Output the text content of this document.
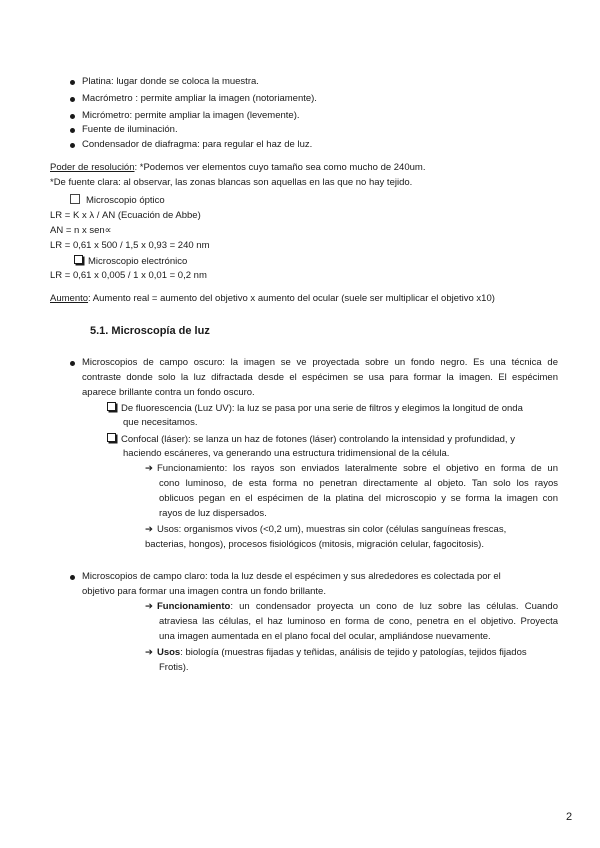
Platina: lugar donde se coloca la muestra.
Macrómetro : permite ampliar la imagen (notoriamente).
Micrómetro: permite ampliar la imagen (levemente).
Fuente de iluminación.
Condensador de diafragma: para regular el haz de luz.
Poder de resolución: *Podemos ver elementos cuyo tamaño sea como mucho de 240um.
*De fuente clara: al observar, las zonas blancas son aquellas en las que no hay tejido.
Microscopio óptico
LR = K x λ / AN (Ecuación de Abbe)
AN = n x sen∝
LR = 0,61 x 500 / 1,5 x 0,93 = 240 nm
Microscopio electrónico
LR = 0,61 x 0,005 / 1 x 0,01 = 0,2 nm
Aumento: Aumento real = aumento del objetivo x aumento del ocular (suele ser multiplicar el objetivo x10)
5.1. Microscopía de luz
Microscopios de campo oscuro: la imagen se ve proyectada sobre un fondo negro. Es una técnica de
contraste donde solo la luz difractada desde el espécimen se usa para formar la imagen. El espécimen
aparece brillante contra un fondo oscuro.
De fluorescencia (Luz UV): la luz se pasa por una serie de filtros y elegimos la longitud de onda
que necesitamos.
Confocal (láser): se lanza un haz de fotones (láser) controlando la intensidad y profundidad, y
haciendo escáneres, va generando una estructura tridimensional de la célula.
➔ Funcionamiento: los rayos son enviados lateralmente sobre el objetivo en forma de un
cono luminoso, de esta forma no penetran directamente al objeto. Tan solo los rayos
oblicuos pegan en el espécimen de la platina del microscopio y se forma la imagen con
rayos de luz dispersados.
➔ Usos: organismos vivos (<0,2 um), muestras sin color (células sanguíneas frescas,
bacterias, hongos), procesos fisiológicos (mitosis, migración celular, fagocitosis).
Microscopios de campo claro: toda la luz desde el espécimen y sus alrededores es colectada por el
objetivo para formar una imagen contra un fondo brillante.
➔ Funcionamiento: un condensador proyecta un cono de luz sobre las células. Cuando
atraviesa las células, el haz luminoso en forma de cono, penetra en el objetivo. Proyecta
una imagen aumentada en el plano focal del ocular, ampliándose nuevamente.
➔ Usos: biología (muestras fijadas y teñidas, análisis de tejido y patologías, tejidos fijados
Frotis).
2
